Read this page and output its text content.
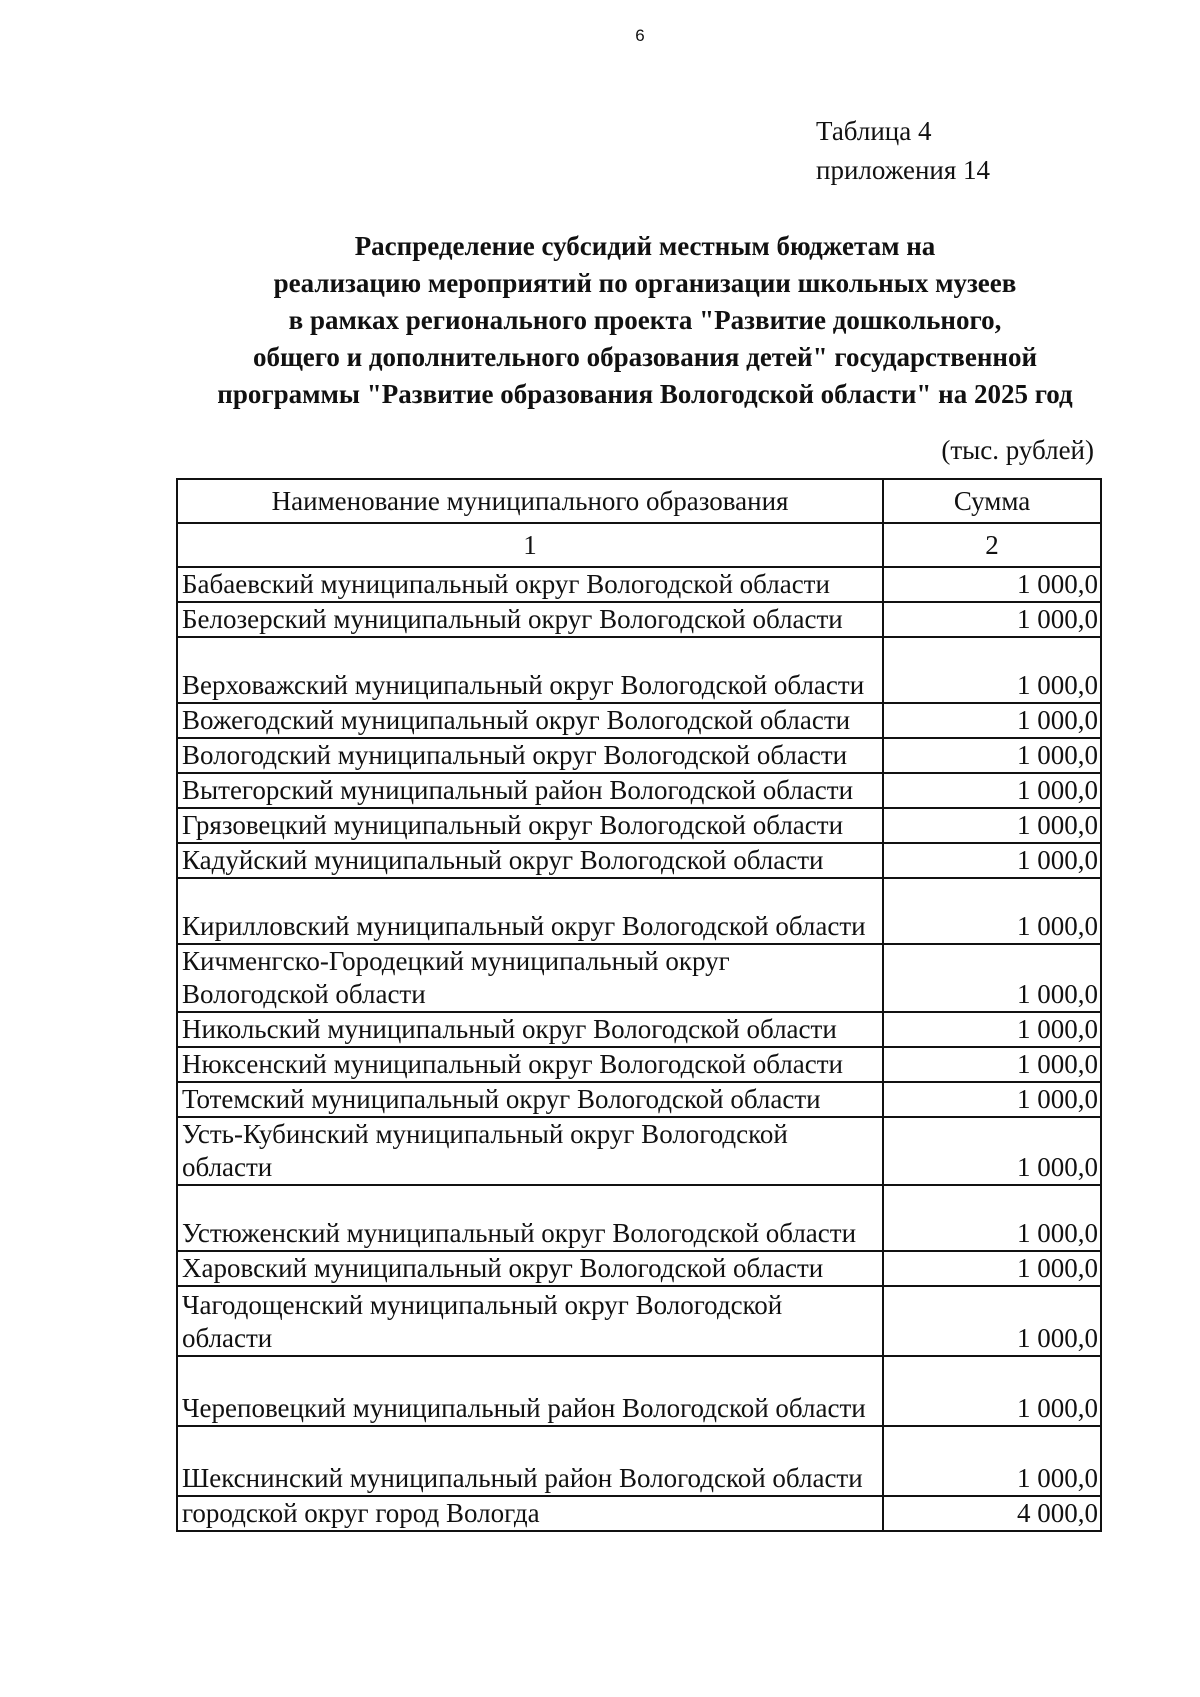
6
Таблица 4
приложения 14
Распределение субсидий местным бюджетам на
реализацию мероприятий по организации школьных музеев
в рамках регионального проекта "Развитие дошкольного,
общего и дополнительного образования детей" государственной
программы "Развитие образования Вологодской области" на 2025 год
(тыс. рублей)
Наименование муниципального образования	Сумма
1	2
Бабаевский муниципальный округ Вологодской области	1 000,0
Белозерский муниципальный округ Вологодской области	1 000,0
Верховажский муниципальный округ Вологодской области	1 000,0
Вожегодский муниципальный округ Вологодской области	1 000,0
Вологодский муниципальный округ Вологодской области	1 000,0
Вытегорский муниципальный район Вологодской области	1 000,0
Грязовецкий муниципальный округ Вологодской области	1 000,0
Кадуйский муниципальный округ Вологодской области	1 000,0
Кирилловский муниципальный округ Вологодской области	1 000,0
Кичменгско-Городецкий муниципальный округ Вологодской области	1 000,0
Никольский муниципальный округ Вологодской области	1 000,0
Нюксенский муниципальный округ Вологодской области	1 000,0
Тотемский муниципальный округ Вологодской области	1 000,0
Усть-Кубинский муниципальный округ Вологодской области	1 000,0
Устюженский муниципальный округ Вологодской области	1 000,0
Харовский муниципальный округ Вологодской области	1 000,0
Чагодощенский муниципальный округ Вологодской области	1 000,0
Череповецкий муниципальный район Вологодской области	1 000,0
Шекснинский муниципальный район Вологодской области	1 000,0
городской округ город Вологда	4 000,0
